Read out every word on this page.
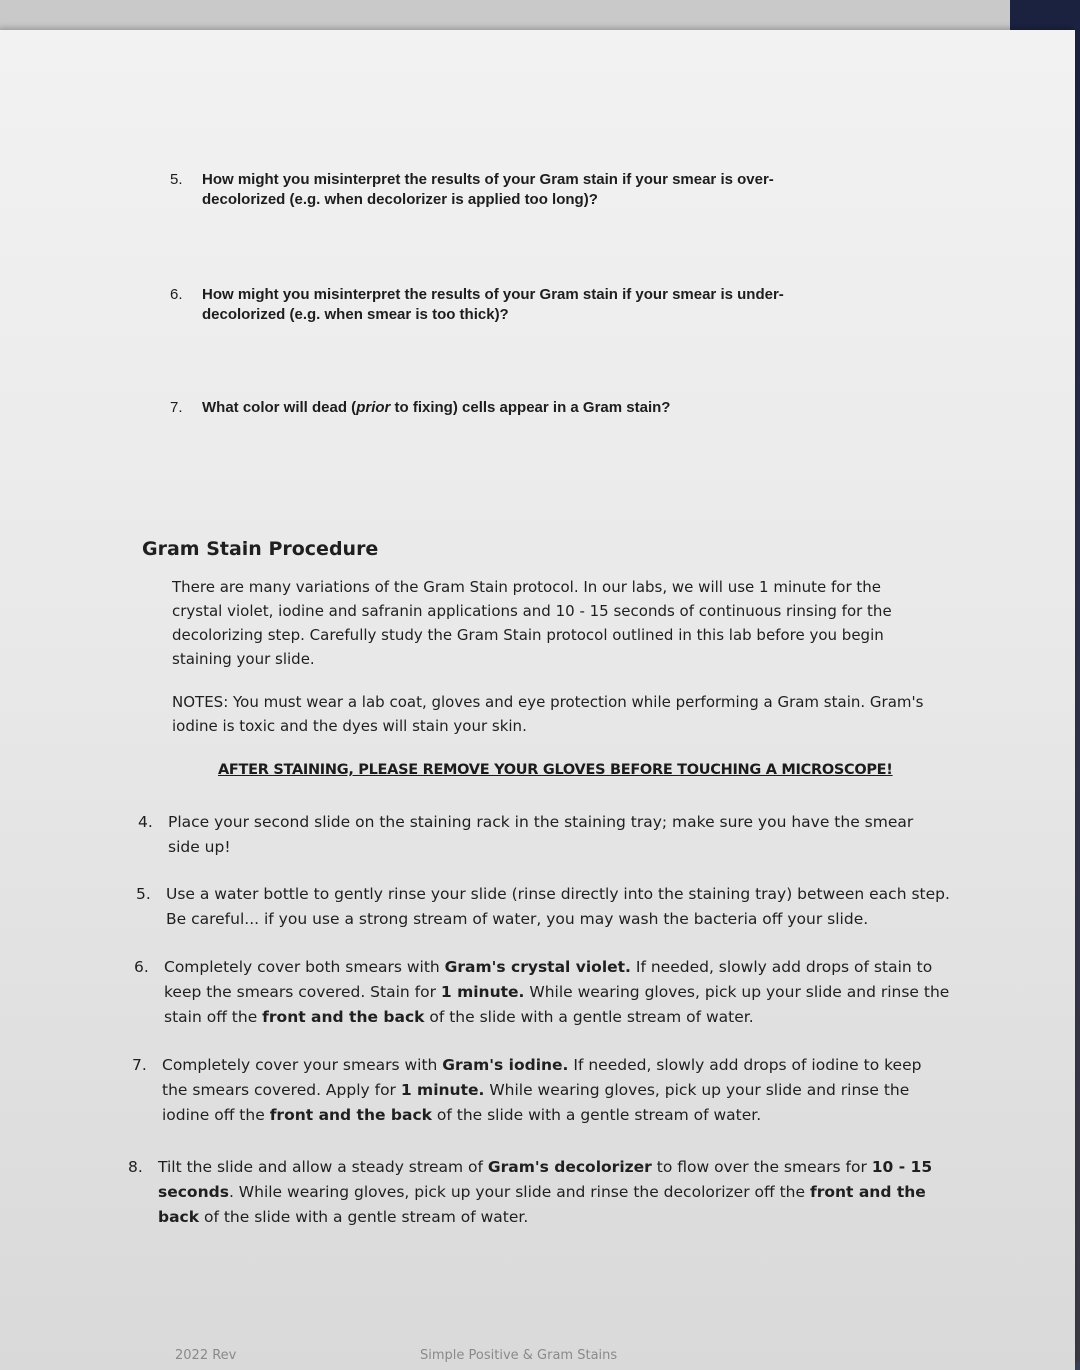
5. How might you misinterpret the results of your Gram stain if your smear is over-decolorized (e.g. when decolorizer is applied too long)?
6. How might you misinterpret the results of your Gram stain if your smear is under-decolorized (e.g. when smear is too thick)?
7. What color will dead (prior to fixing) cells appear in a Gram stain?
Gram Stain Procedure
There are many variations of the Gram Stain protocol. In our labs, we will use 1 minute for the crystal violet, iodine and safranin applications and 10 - 15 seconds of continuous rinsing for the decolorizing step. Carefully study the Gram Stain protocol outlined in this lab before you begin staining your slide.
NOTES: You must wear a lab coat, gloves and eye protection while performing a Gram stain. Gram's iodine is toxic and the dyes will stain your skin.
AFTER STAINING, PLEASE REMOVE YOUR GLOVES BEFORE TOUCHING A MICROSCOPE!
4. Place your second slide on the staining rack in the staining tray; make sure you have the smear side up!
5. Use a water bottle to gently rinse your slide (rinse directly into the staining tray) between each step. Be careful... if you use a strong stream of water, you may wash the bacteria off your slide.
6. Completely cover both smears with Gram's crystal violet. If needed, slowly add drops of stain to keep the smears covered. Stain for 1 minute. While wearing gloves, pick up your slide and rinse the stain off the front and the back of the slide with a gentle stream of water.
7. Completely cover your smears with Gram's iodine. If needed, slowly add drops of iodine to keep the smears covered. Apply for 1 minute. While wearing gloves, pick up your slide and rinse the iodine off the front and the back of the slide with a gentle stream of water.
8. Tilt the slide and allow a steady stream of Gram's decolorizer to flow over the smears for 10 - 15 seconds. While wearing gloves, pick up your slide and rinse the decolorizer off the front and the back of the slide with a gentle stream of water.
2022 Rev	Simple Positive & Gram Stains
